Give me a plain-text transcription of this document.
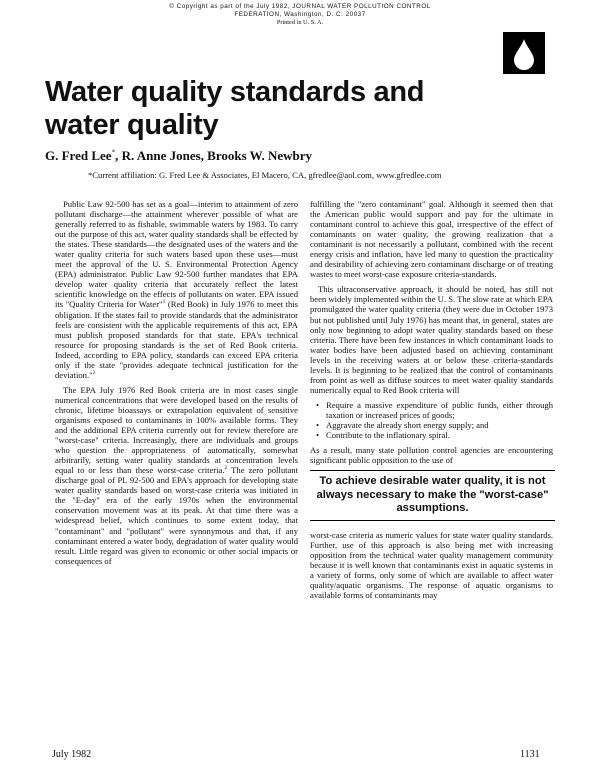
© Copyright as part of the July 1982, JOURNAL WATER POLLUTION CONTROL
FEDERATION, Washington, D. C. 20037
Printed in U. S. A.
Water quality standards and water quality
G. Fred Lee*, R. Anne Jones, Brooks W. Newbry
*Current affiliation: G. Fred Lee & Associates, El Macero, CA, gfredlee@aol.com, www.gfredlee.com

Public Law 92-500 has set as a goal—interim to attainment of zero pollutant discharge—the attainment wherever possible of what are generally referred to as fishable, swimmable waters by 1983. To carry out the purpose of this act, water quality standards shall be effected by the states. These standards—the designated uses of the waters and the water quality criteria for such waters based upon these uses—must meet the approval of the U. S. Environmental Protection Agency (EPA) administrator. Public Law 92-500 further mandates that EPA develop water quality criteria that accurately reflect the latest scientific knowledge on the effects of pollutants on water. EPA issued its "Quality Criteria for Water"$^1$ (Red Book) in July 1976 to meet this obligation. If the states fail to provide standards that the administrator feels are consistent with the applicable requirements of this act, EPA must publish proposed standards for that state. EPA's technical resource for proposing standards is the set of Red Book criteria. Indeed, according to EPA policy, standards can exceed EPA criteria only if the state "provides adequate technical justification for the deviation."$^2$

The EPA July 1976 Red Book criteria are in most cases single numerical concentrations that were developed based on the results of chronic, lifetime bioassays or extrapolation equivalent of sensitive organisms exposed to contaminants in 100% available forms. They and the additional EPA criteria currently out for review therefore are "worst-case" criteria. Increasingly, there are individuals and groups who question the appropriateness of automatically, somewhat arbitrarily, setting water quality standards at concentration levels equal to or less than these worst-case criteria.$^2$ The zero pollutant discharge goal of PL 92-500 and EPA's approach for developing state water quality standards based on worst-case criteria was initiated in the "E-day" era of the early 1970s when the environmental conservation movement was at its peak. At that time there was a widespread belief, which continues to some extent today, that "contaminant" and "pollutant" were synonymous and that, if any contaminant entered a water body, degradation of water quality would result. Little regard was given to economic or other social impacts or consequences of

fulfilling the "zero contaminant" goal. Although it seemed then that the American public would support and pay for the ultimate in contaminant control to achieve this goal, irrespective of the effect of contaminants on water quality, the growing realization that a contaminant is not necessarily a pollutant, combined with the recent energy crisis and inflation, have led many to question the practicality and desirability of achieving zero contaminant discharge or of treating wastes to meet worst-case exposure criteria-standards.

This ultraconservative approach, it should be noted, has still not been widely implemented within the U. S. The slow rate at which EPA promulgated the water quality criteria (they were due in October 1973 but not published until July 1976) has meant that, in general, states are only now beginning to adopt water quality standards based on these criteria. There have been few instances in which contaminant loads to water bodies have been adjusted based on achieving contaminant levels in the receiving waters at or below these criteria-standards levels. It is beginning to be realized that the control of contaminants from point as well as diffuse sources to meet water quality standards numerically equal to Red Book criteria will

• Require a massive expenditure of public funds, either through taxation or increased prices of goods;
• Aggravate the already short energy supply; and
• Contribute to the inflationary spiral.

As a result, many state pollution control agencies are encountering significant public opposition to the use of

To achieve desirable water quality, it is not always necessary to make the "worst-case" assumptions.

worst-case criteria as numeric values for state water quality standards. Further, use of this approach is also being met with increasing opposition from the technical water quality management community because it is well known that contaminants exist in aquatic systems in a variety of forms, only some of which are available to affect water quality/aquatic organisms. The response of aquatic organisms to available forms of contaminants may

July 1982	1131
